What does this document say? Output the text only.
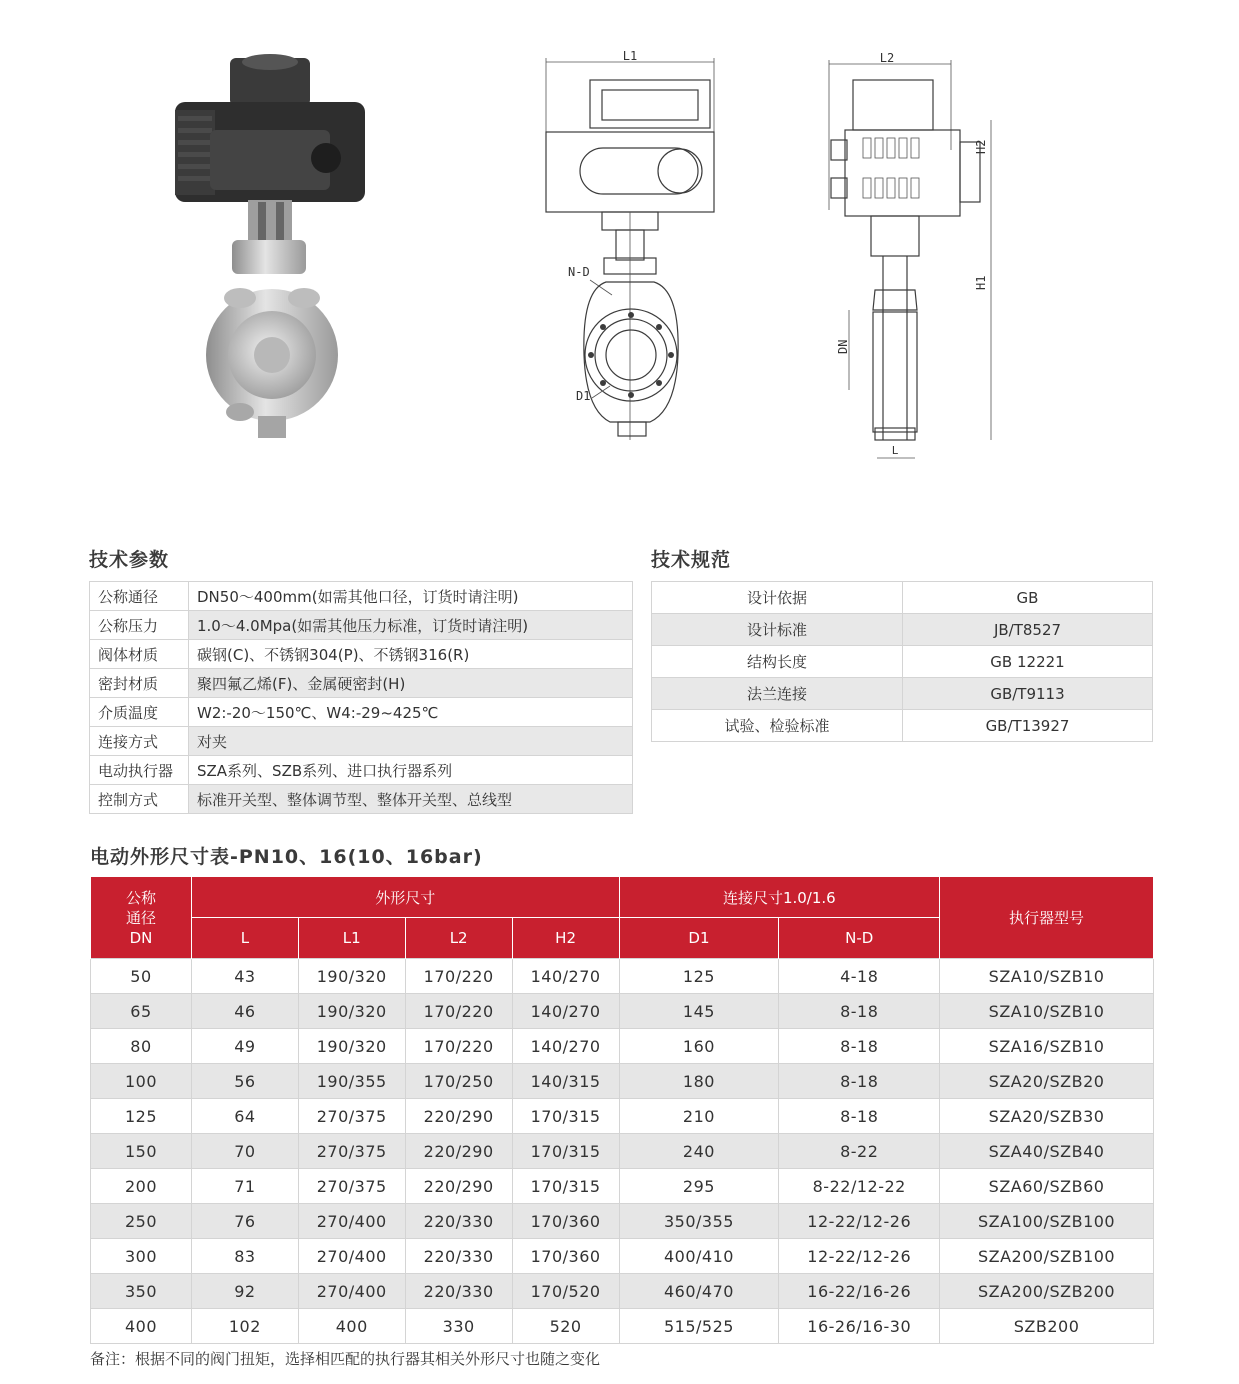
L1
N-D
D1
L2
H2
H1
DN
L
技术参数	技术规范
公称通径	DN50～400mm(如需其他口径，订货时请注明)
公称压力	1.0～4.0Mpa(如需其他压力标准，订货时请注明)
阀体材质	碳钢(C)、不锈钢304(P)、不锈钢316(R)
密封材质	聚四氟乙烯(F)、金属硬密封(H)
介质温度	W2:-20～150℃、W4:-29~425℃
连接方式	对夹
电动执行器	SZA系列、SZB系列、进口执行器系列
控制方式	标准开关型、整体调节型、整体开关型、总线型
设计依据	GB
设计标准	JB/T8527
结构长度	GB 12221
法兰连接	GB/T9113
试验、检验标准	GB/T13927
电动外形尺寸表-PN10、16(10、16bar)
公称通径DN	外形尺寸				连接尺寸1.0/1.6		执行器型号
	L	L1	L2	H2	D1	N-D	
50	43	190/320	170/220	140/270	125	4-18	SZA10/SZB10
65	46	190/320	170/220	140/270	145	8-18	SZA10/SZB10
80	49	190/320	170/220	140/270	160	8-18	SZA16/SZB10
100	56	190/355	170/250	140/315	180	8-18	SZA20/SZB20
125	64	270/375	220/290	170/315	210	8-18	SZA20/SZB30
150	70	270/375	220/290	170/315	240	8-22	SZA40/SZB40
200	71	270/375	220/290	170/315	295	8-22/12-22	SZA60/SZB60
250	76	270/400	220/330	170/360	350/355	12-22/12-26	SZA100/SZB100
300	83	270/400	220/330	170/360	400/410	12-22/12-26	SZA200/SZB100
350	92	270/400	220/330	170/520	460/470	16-22/16-26	SZA200/SZB200
400	102	400	330	520	515/525	16-26/16-30	SZB200
备注：根据不同的阀门扭矩，选择相匹配的执行器其相关外形尺寸也随之变化
